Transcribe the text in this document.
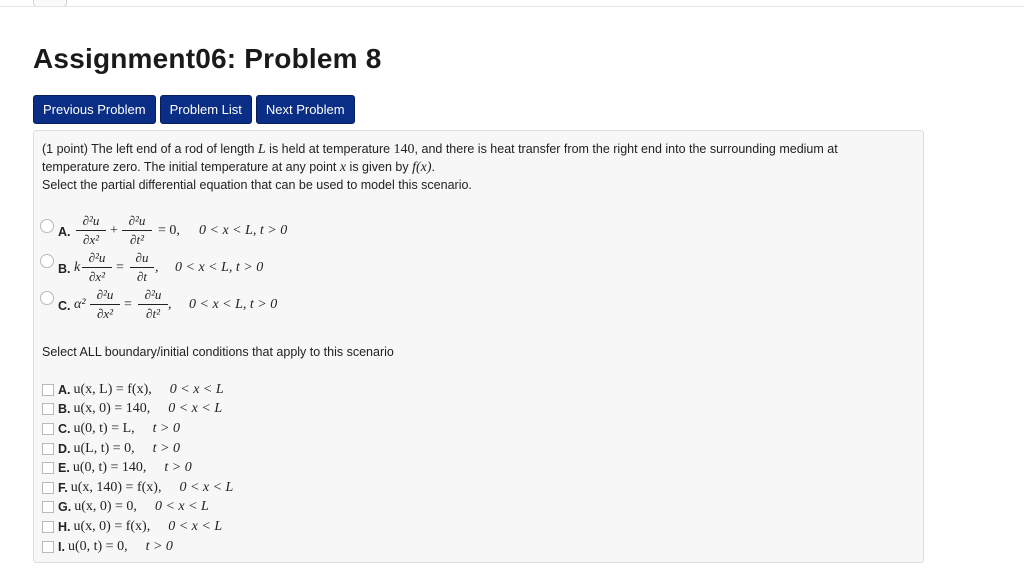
Assignment06: Problem 8
Previous Problem	Problem List	Next Problem

(1 point) The left end of a rod of length L is held at temperature 140, and there is heat transfer from the right end into the surrounding medium at

temperature zero. The initial temperature at any point x is given by f(x).

Select the partial differential equation that can be used to model this scenario.

A.
∂²u
∂x²
+
∂²u
∂t²
= 0, 0 < x < L, t > 0
B. k
∂²u
∂x²
=
∂u
∂t
, 0 < x < L, t > 0
C. α²
∂²u
∂x²
=
∂²u
∂t²
, 0 < x < L, t > 0

Select ALL boundary/initial conditions that apply to this scenario

A. u(x, L) = f(x), 0 < x < L
B. u(x, 0) = 140, 0 < x < L
C. u(0, t) = L, t > 0
D. u(L, t) = 0, t > 0
E. u(0, t) = 140, t > 0
F. u(x, 140) = f(x), 0 < x < L
G. u(x, 0) = 0, 0 < x < L
H. u(x, 0) = f(x), 0 < x < L
I. u(0, t) = 0, t > 0
